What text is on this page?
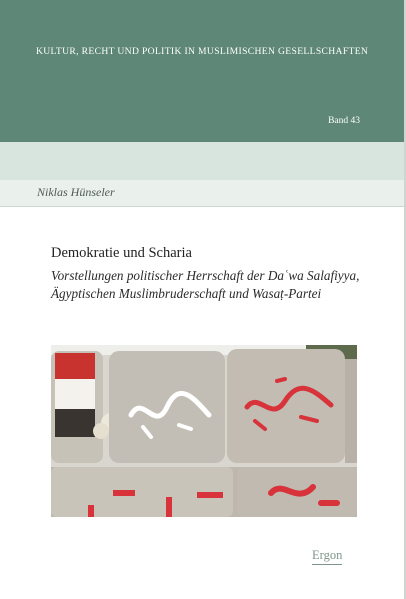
KULTUR, RECHT UND POLITIK IN MUSLIMISCHEN GESELLSCHAFTEN
Band 43
Niklas Hünseler
Demokratie und Scharia
Vorstellungen politischer Herrschaft der Daʿwa Salafiyya, Ägyptischen Muslimbruderschaft und Wasaṭ-Partei
Ergon
